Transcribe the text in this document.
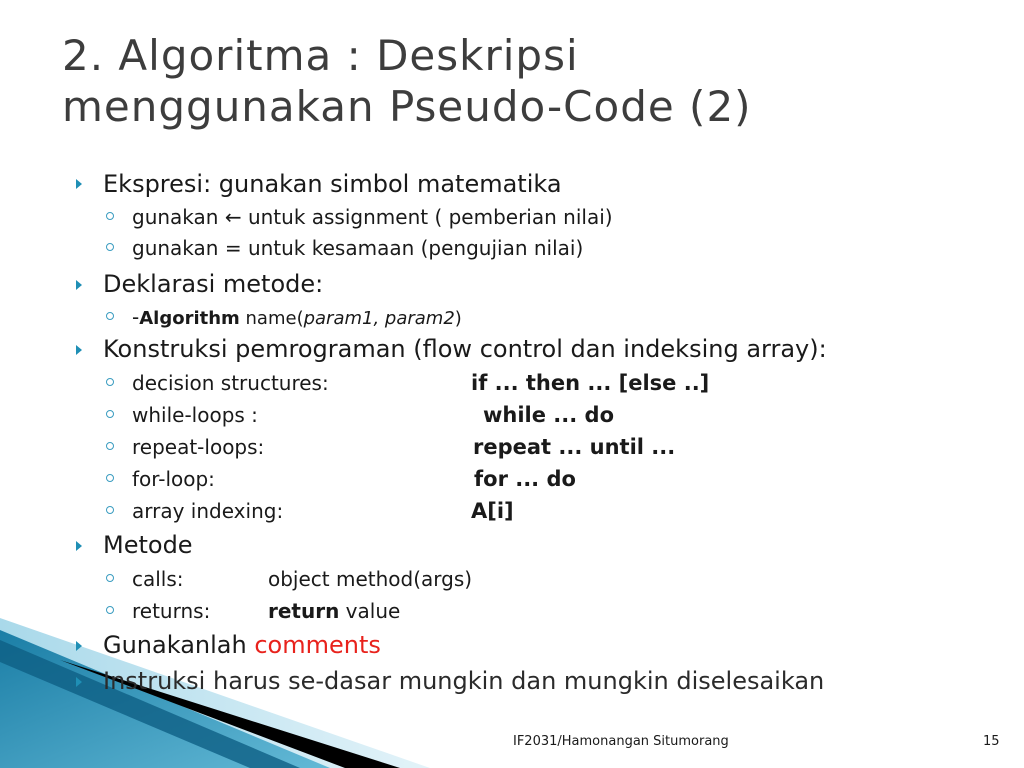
2. Algoritma : Deskripsi
menggunakan Pseudo-Code (2)
Ekspresi: gunakan simbol matematika
gunakan ← untuk assignment ( pemberian nilai)
gunakan = untuk kesamaan (pengujian nilai)
Deklarasi metode:
-Algorithm name(param1, param2)
Konstruksi pemrograman (flow control dan indeksing array):
decision structures:	if ... then ... [else ..]
while-loops :	while ... do
repeat-loops:	repeat ... until ...
for-loop:	for ... do
array indexing:	A[i]
Metode
calls:	object method(args)
returns:	return value
Gunakanlah comments
Instruksi harus se-dasar mungkin dan mungkin diselesaikan
IF2031/Hamonangan Situmorang	15
